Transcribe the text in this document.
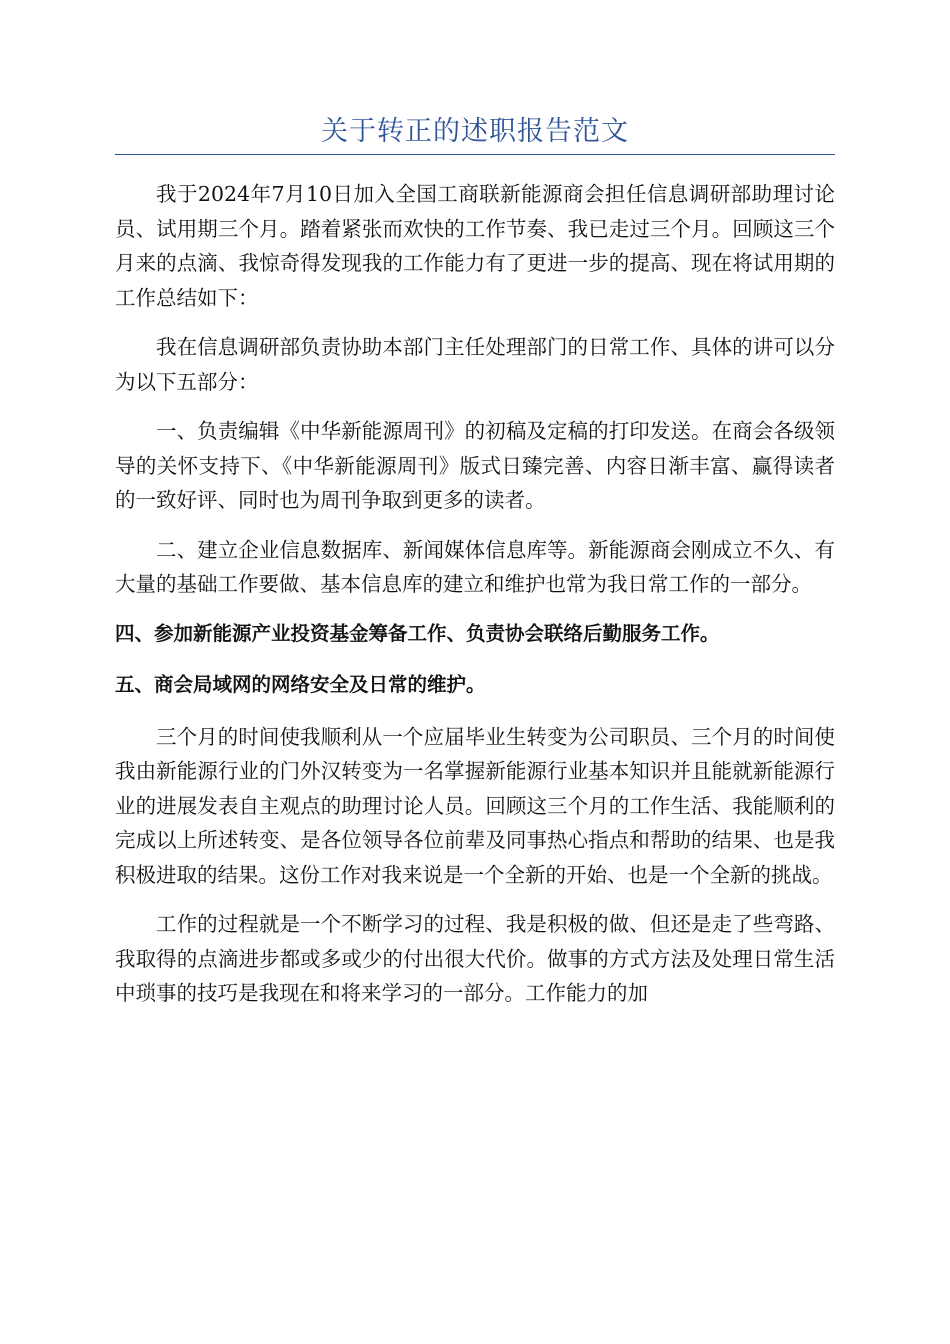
关于转正的述职报告范文

我于2024年7月10日加入全国工商联新能源商会担任信息调研部助理讨论员、试用期三个月。踏着紧张而欢快的工作节奏、我已走过三个月。回顾这三个月来的点滴、我惊奇得发现我的工作能力有了更进一步的提高、现在将试用期的工作总结如下：

我在信息调研部负责协助本部门主任处理部门的日常工作、具体的讲可以分为以下五部分：

一、负责编辑《中华新能源周刊》的初稿及定稿的打印发送。在商会各级领导的关怀支持下、《中华新能源周刊》版式日臻完善、内容日渐丰富、赢得读者的一致好评、同时也为周刊争取到更多的读者。

二、建立企业信息数据库、新闻媒体信息库等。新能源商会刚成立不久、有大量的基础工作要做、基本信息库的建立和维护也常为我日常工作的一部分。

四、参加新能源产业投资基金筹备工作、负责协会联络后勤服务工作。

五、商会局域网的网络安全及日常的维护。

三个月的时间使我顺利从一个应届毕业生转变为公司职员、三个月的时间使我由新能源行业的门外汉转变为一名掌握新能源行业基本知识并且能就新能源行业的进展发表自主观点的助理讨论人员。回顾这三个月的工作生活、我能顺利的完成以上所述转变、是各位领导各位前辈及同事热心指点和帮助的结果、也是我积极进取的结果。这份工作对我来说是一个全新的开始、也是一个全新的挑战。

工作的过程就是一个不断学习的过程、我是积极的做、但还是走了些弯路、我取得的点滴进步都或多或少的付出很大代价。做事的方式方法及处理日常生活中琐事的技巧是我现在和将来学习的一部分。工作能力的加
